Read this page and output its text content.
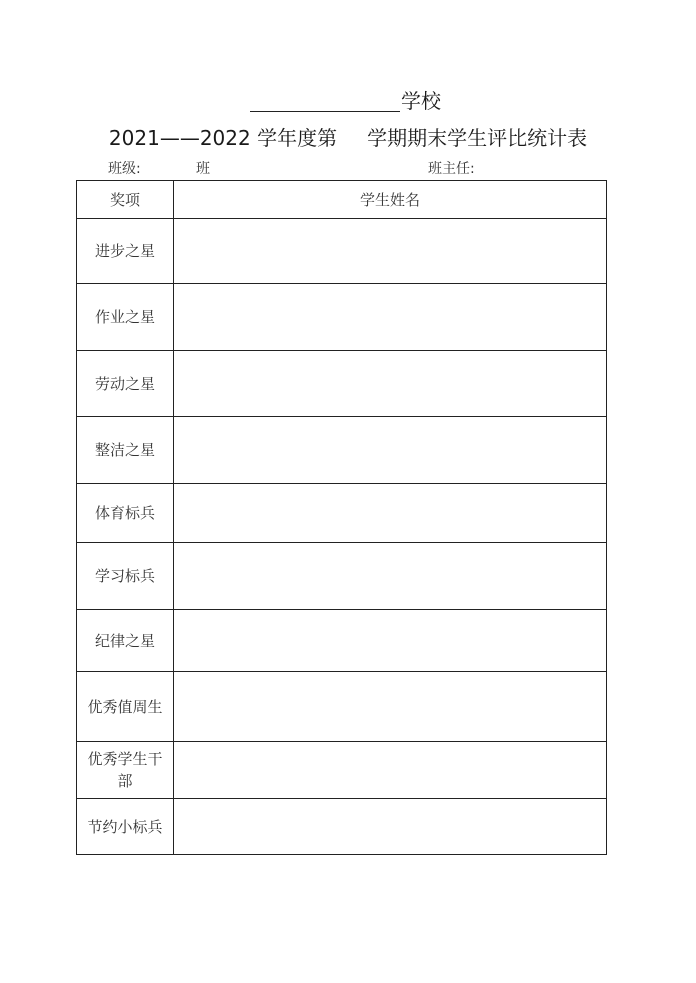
学校
2021——2022 学年度第 学期期末学生评比统计表
班级:	班	班主任:
奖项	学生姓名
进步之星	
作业之星	
劳动之星	
整洁之星	
体育标兵	
学习标兵	
纪律之星	
优秀值周生	
优秀学生干部	
节约小标兵	
